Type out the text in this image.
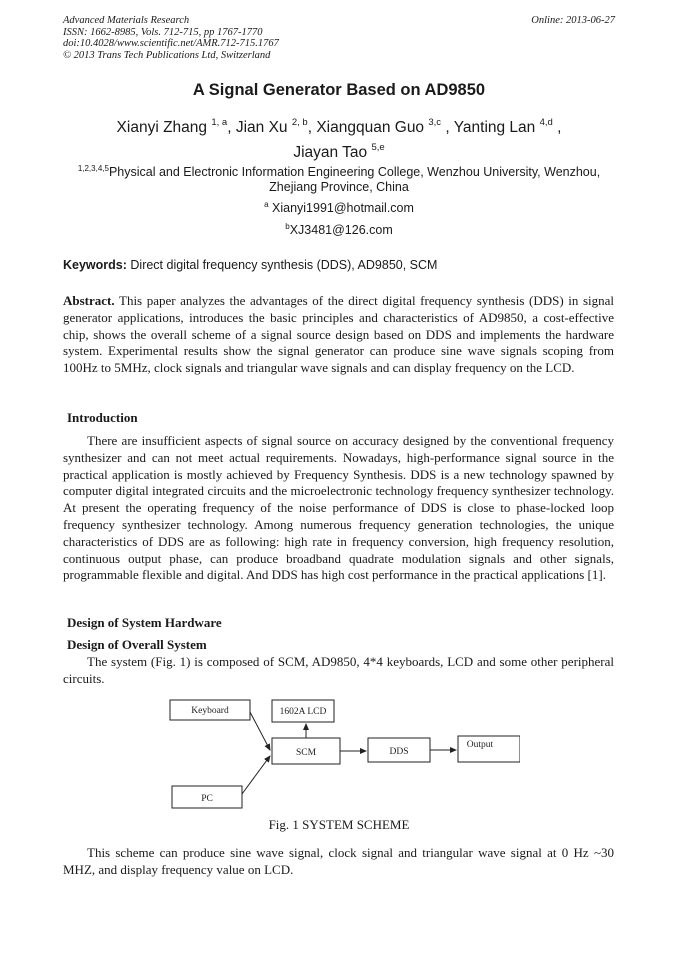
Advanced Materials Research
ISSN: 1662-8985, Vols. 712-715, pp 1767-1770
doi:10.4028/www.scientific.net/AMR.712-715.1767
© 2013 Trans Tech Publications Ltd, Switzerland
Online: 2013-06-27
A Signal Generator Based on AD9850
Xianyi Zhang $^{1, a}$, Jian Xu $^{2, b}$, Xiangquan Guo $^{3,c}$ , Yanting Lan $^{4,d}$ ,
Jiayan Tao $^{5,e}$
$^{1,2,3,4,5}$Physical and Electronic Information Engineering College, Wenzhou University, Wenzhou,
Zhejiang Province, China
$^a$ Xianyi1991@hotmail.com
$^b$XJ3481@126.com
Keywords: Direct digital frequency synthesis (DDS), AD9850, SCM

Abstract. This paper analyzes the advantages of the direct digital frequency synthesis (DDS) in signal generator applications, introduces the basic principles and characteristics of AD9850, a cost-effective chip, shows the overall scheme of a signal source design based on DDS and implements the hardware system. Experimental results show the signal generator can produce sine wave signals scoping from 100Hz to 5MHz, clock signals and triangular wave signals and can display frequency on the LCD.

Introduction

There are insufficient aspects of signal source on accuracy designed by the conventional frequency synthesizer and can not meet actual requirements. Nowadays, high-performance signal source in the practical application is mostly achieved by Frequency Synthesis. DDS is a new technology spawned by computer digital integrated circuits and the microelectronic technology frequency synthesizer technology. At present the operating frequency of the noise performance of DDS is close to phase-locked loop frequency synthesizer technology. Among numerous frequency generation technologies, the unique characteristics of DDS are as following: high rate in frequency conversion, high frequency resolution, continuous output phase, can produce broadband quadrate modulation signals and other signals, programmable flexible and digital. And DDS has high cost performance in the practical applications [1].

Design of System Hardware
Design of Overall System

The system (Fig. 1) is composed of SCM, AD9850, 4*4 keyboards, LCD and some other peripheral circuits.

Keyboard	1602A LCD
SCM	DDS
Output
PC
Fig. 1 SYSTEM SCHEME

This scheme can produce sine wave signal, clock signal and triangular wave signal at 0 Hz ~30 MHZ, and display frequency value on LCD.
